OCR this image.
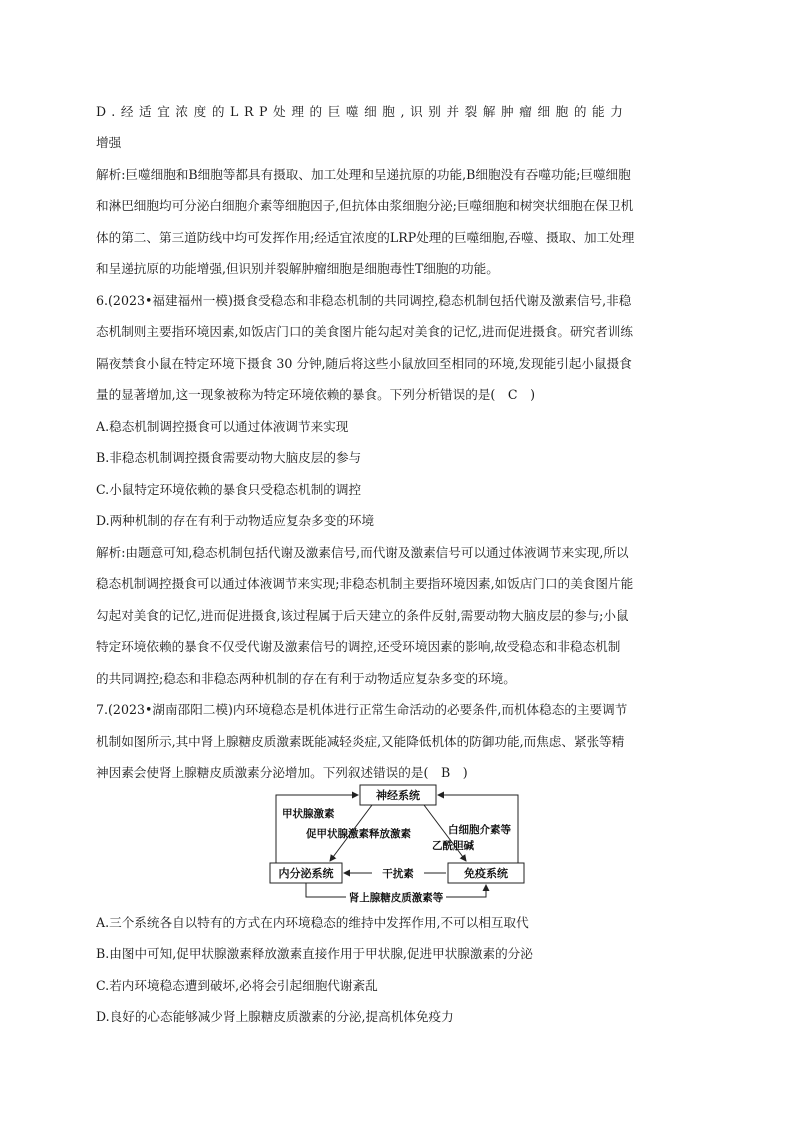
D.经适宜浓度的LRP处理的巨噬细胞,识别并裂解肿瘤细胞的能力

增强

解析:巨噬细胞和B细胞等都具有摄取、加工处理和呈递抗原的功能,B细胞没有吞噬功能;巨噬细胞

和淋巴细胞均可分泌白细胞介素等细胞因子,但抗体由浆细胞分泌;巨噬细胞和树突状细胞在保卫机

体的第二、第三道防线中均可发挥作用;经适宜浓度的LRP处理的巨噬细胞,吞噬、摄取、加工处理

和呈递抗原的功能增强,但识别并裂解肿瘤细胞是细胞毒性T细胞的功能。

6.(2023•福建福州一模)摄食受稳态和非稳态机制的共同调控,稳态机制包括代谢及激素信号,非稳

态机制则主要指环境因素,如饭店门口的美食图片能勾起对美食的记忆,进而促进摄食。研究者训练

隔夜禁食小鼠在特定环境下摄食 30 分钟,随后将这些小鼠放回至相同的环境,发现能引起小鼠摄食

量的显著增加,这一现象被称为特定环境依赖的暴食。下列分析错误的是(　C　)

A.稳态机制调控摄食可以通过体液调节来实现

B.非稳态机制调控摄食需要动物大脑皮层的参与

C.小鼠特定环境依赖的暴食只受稳态机制的调控

D.两种机制的存在有利于动物适应复杂多变的环境

解析:由题意可知,稳态机制包括代谢及激素信号,而代谢及激素信号可以通过体液调节来实现,所以

稳态机制调控摄食可以通过体液调节来实现;非稳态机制主要指环境因素,如饭店门口的美食图片能

勾起对美食的记忆,进而促进摄食,该过程属于后天建立的条件反射,需要动物大脑皮层的参与;小鼠

特定环境依赖的暴食不仅受代谢及激素信号的调控,还受环境因素的影响,故受稳态和非稳态机制

的共同调控;稳态和非稳态两种机制的存在有利于动物适应复杂多变的环境。

7.(2023•湖南邵阳二模)内环境稳态是机体进行正常生命活动的必要条件,而机体稳态的主要调节

机制如图所示,其中肾上腺糖皮质激素既能减轻炎症,又能降低机体的防御功能,而焦虑、紧张等精

神因素会使肾上腺糖皮质激素分泌增加。下列叙述错误的是(　B　)

神经系统
内分泌系统	免疫系统
甲状腺激素
促甲状腺激素释放激素	白细胞介素等
乙酰胆碱
干扰素
肾上腺糖皮质激素等

A.三个系统各自以特有的方式在内环境稳态的维持中发挥作用,不可以相互取代

B.由图中可知,促甲状腺激素释放激素直接作用于甲状腺,促进甲状腺激素的分泌

C.若内环境稳态遭到破坏,必将会引起细胞代谢紊乱

D.良好的心态能够减少肾上腺糖皮质激素的分泌,提高机体免疫力
